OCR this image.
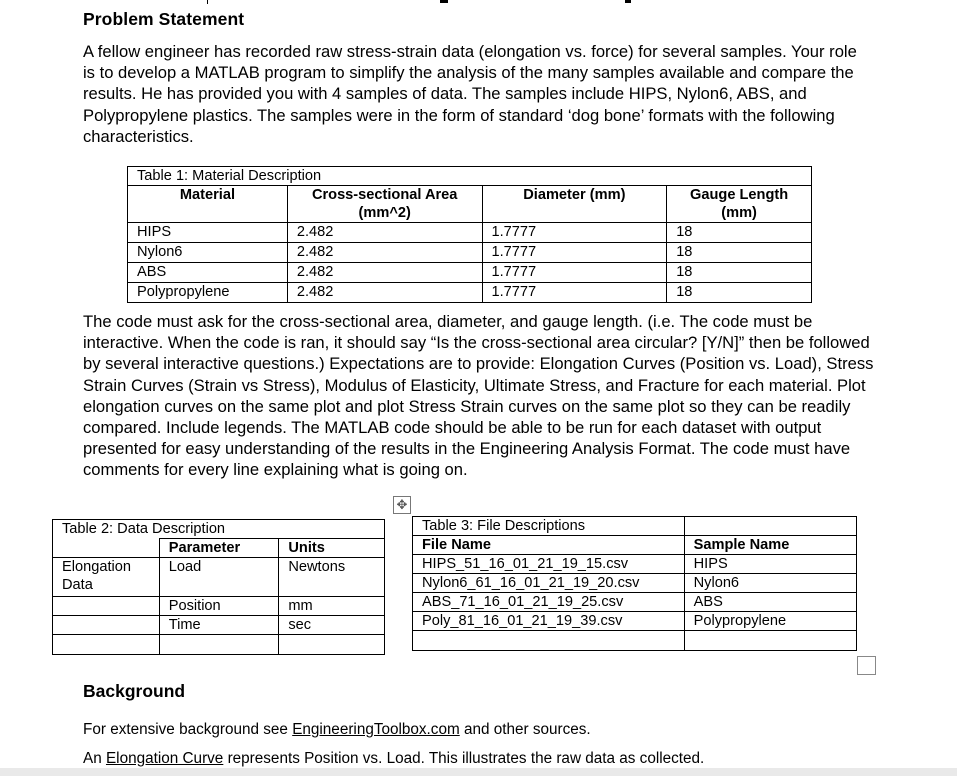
Problem Statement

A fellow engineer has recorded raw stress-strain data (elongation vs. force) for several samples. Your role is to develop a MATLAB program to simplify the analysis of the many samples available and compare the results. He has provided you with 4 samples of data. The samples include HIPS, Nylon6, ABS, and Polypropylene plastics. The samples were in the form of standard ‘dog bone’ formats with the following characteristics.

Table 1: Material Description			
Material	Cross-sectional Area (mm^2)	Diameter (mm)	Gauge Length (mm)
HIPS	2.482	1.7777	18
Nylon6	2.482	1.7777	18
ABS	2.482	1.7777	18
Polypropylene	2.482	1.7777	18

The code must ask for the cross-sectional area, diameter, and gauge length. (i.e. The code must be interactive. When the code is ran, it should say “Is the cross-sectional area circular? [Y/N]” then be followed by several interactive questions.) Expectations are to provide: Elongation Curves (Position vs. Load), Stress Strain Curves (Strain vs Stress), Modulus of Elasticity, Ultimate Stress, and Fracture for each material. Plot elongation curves on the same plot and plot Stress Strain curves on the same plot so they can be readily compared. Include legends. The MATLAB code should be able to be run for each dataset with output presented for easy understanding of the results in the Engineering Analysis Format. The code must have comments for every line explaining what is going on.

✥
Table 2: Data Description		
	Parameter	Units
Elongation Data	Load	Newtons
	Position	mm
	Time	sec

Table 3: File Descriptions	
File Name	Sample Name
HIPS_51_16_01_21_19_15.csv	HIPS
Nylon6_61_16_01_21_19_20.csv	Nylon6
ABS_71_16_01_21_19_25.csv	ABS
Poly_81_16_01_21_19_39.csv	Polypropylene

Background
For extensive background see EngineeringToolbox.com and other sources.
An Elongation Curve represents Position vs. Load. This illustrates the raw data as collected.
